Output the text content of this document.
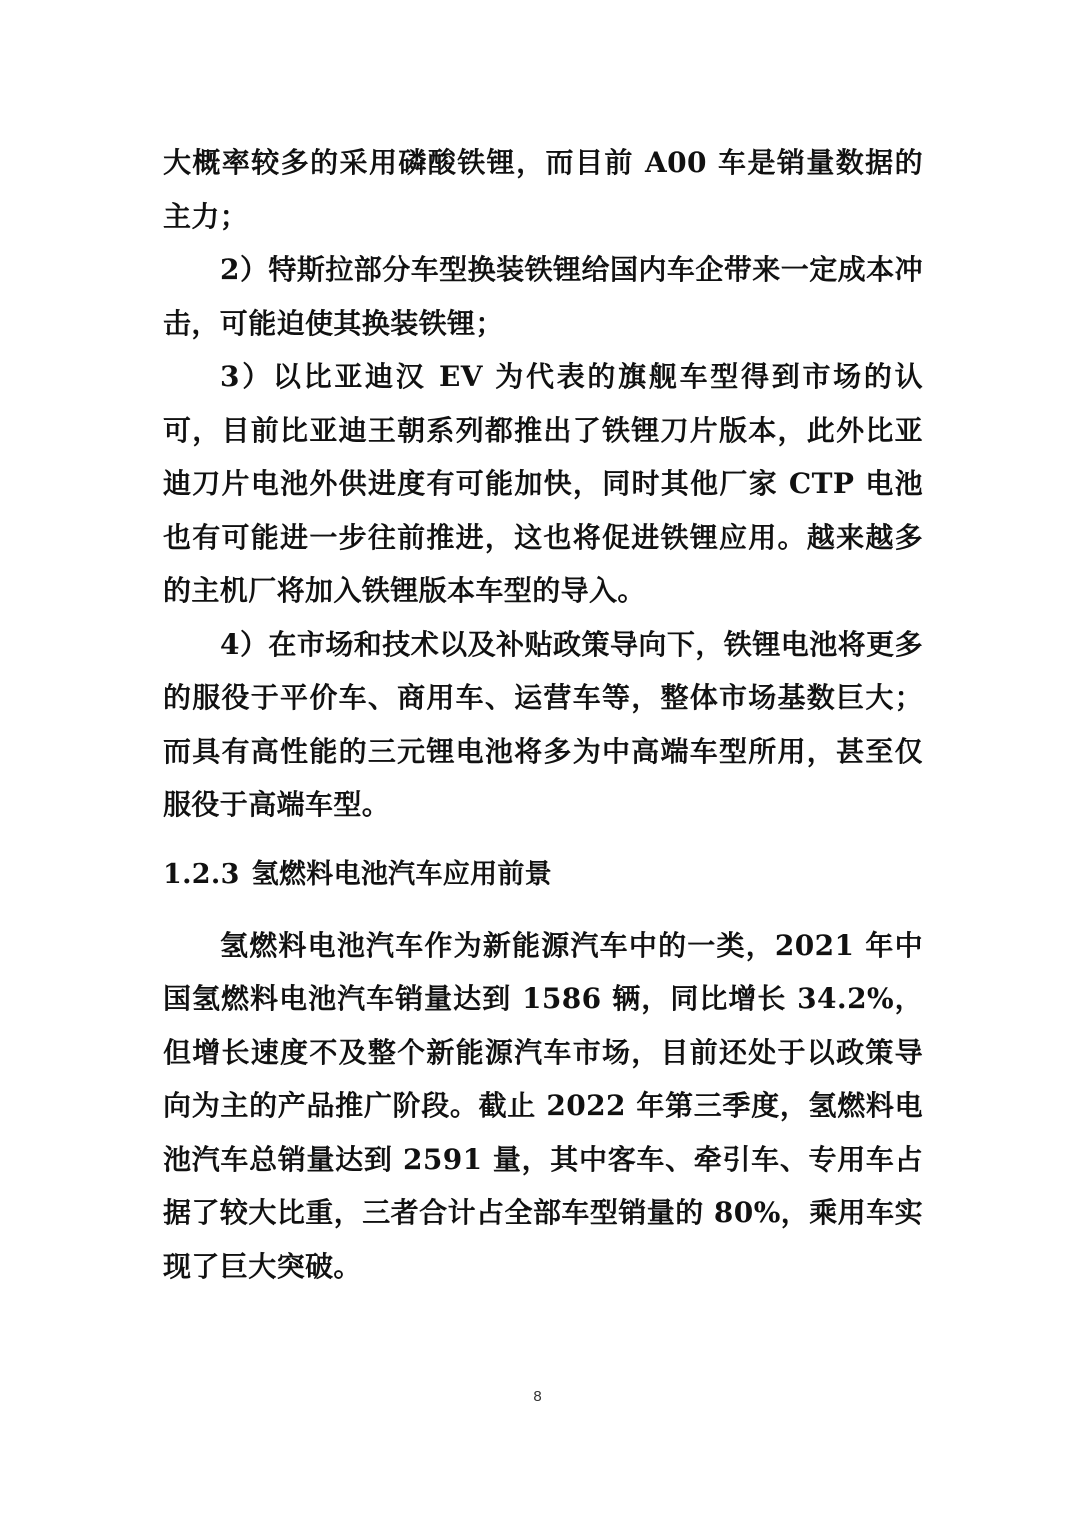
大概率较多的采用磷酸铁锂，而目前 A00 车是销量数据的主力；

2）特斯拉部分车型换装铁锂给国内车企带来一定成本冲击，可能迫使其换装铁锂；

3）以比亚迪汉 EV 为代表的旗舰车型得到市场的认可，目前比亚迪王朝系列都推出了铁锂刀片版本，此外比亚迪刀片电池外供进度有可能加快，同时其他厂家 CTP 电池也有可能进一步往前推进，这也将促进铁锂应用。越来越多的主机厂将加入铁锂版本车型的导入。

4）在市场和技术以及补贴政策导向下，铁锂电池将更多的服役于平价车、商用车、运营车等，整体市场基数巨大；而具有高性能的三元锂电池将多为中高端车型所用，甚至仅服役于高端车型。

1.2.3 氢燃料电池汽车应用前景

氢燃料电池汽车作为新能源汽车中的一类，2021 年中国氢燃料电池汽车销量达到 1586 辆，同比增长 34.2%，但增长速度不及整个新能源汽车市场，目前还处于以政策导向为主的产品推广阶段。截止 2022 年第三季度，氢燃料电池汽车总销量达到 2591 量，其中客车、牵引车、专用车占据了较大比重，三者合计占全部车型销量的 80%，乘用车实现了巨大突破。

8
